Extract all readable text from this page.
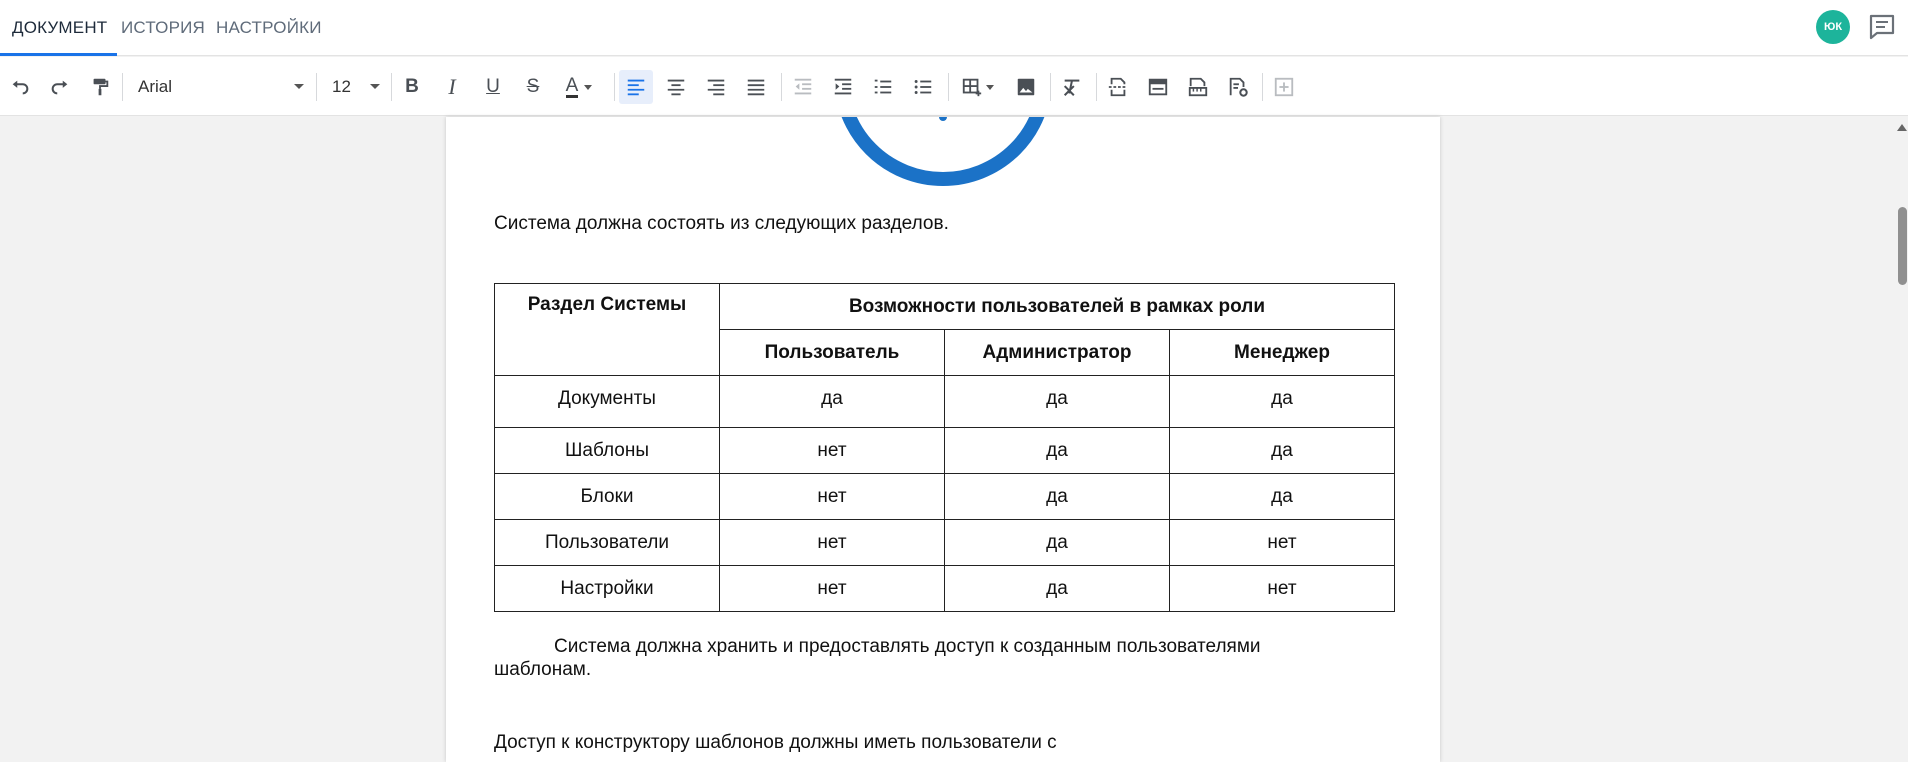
ДОКУМЕНТ ИСТОРИЯ НАСТРОЙКИ	ЮК
Arial	12	B I U S A
Система должна состоять из следующих разделов.
Раздел Системы	Возможности пользователей в рамках роли		
	Пользователь	Администратор	Менеджер
Документы	да	да	да
Шаблоны	нет	да	да
Блоки	нет	да	да
Пользователи	нет	да	нет
Настройки	нет	да	нет
Система должна хранить и предоставлять доступ к созданным пользователями
шаблонам.
Доступ к конструктору шаблонов должны иметь пользователи с
